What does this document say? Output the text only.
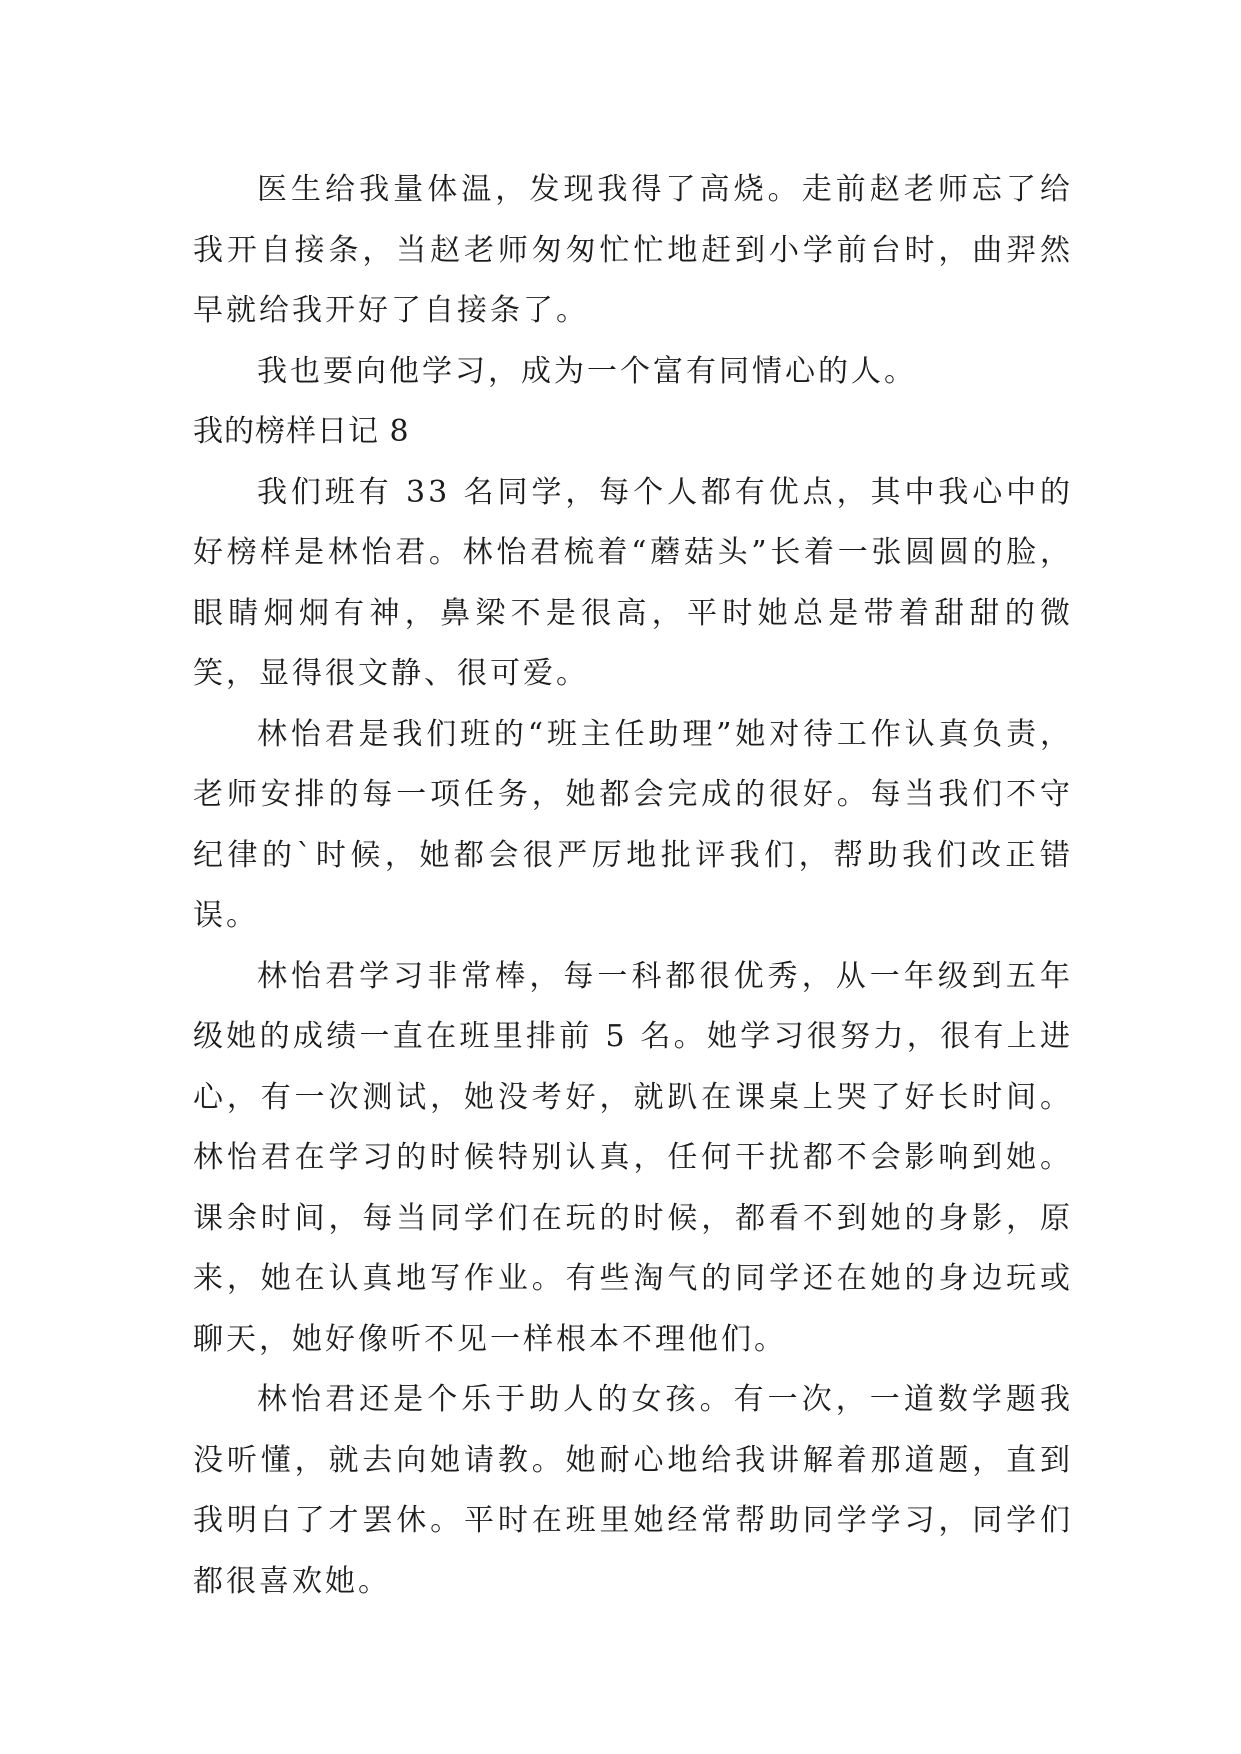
医生给我量体温，发现我得了高烧。走前赵老师忘了给我开自接条，当赵老师匆匆忙忙地赶到小学前台时，曲羿然早就给我开好了自接条了。

我也要向他学习，成为一个富有同情心的人。

我的榜样日记 8

我们班有 33 名同学，每个人都有优点，其中我心中的好榜样是林怡君。林怡君梳着“蘑菇头”长着一张圆圆的脸，眼睛炯炯有神，鼻梁不是很高，平时她总是带着甜甜的微笑，显得很文静、很可爱。

林怡君是我们班的“班主任助理”她对待工作认真负责，老师安排的每一项任务，她都会完成的很好。每当我们不守纪律的`时候，她都会很严厉地批评我们，帮助我们改正错误。

林怡君学习非常棒，每一科都很优秀，从一年级到五年级她的成绩一直在班里排前 5 名。她学习很努力，很有上进心，有一次测试，她没考好，就趴在课桌上哭了好长时间。林怡君在学习的时候特别认真，任何干扰都不会影响到她。课余时间，每当同学们在玩的时候，都看不到她的身影，原来，她在认真地写作业。有些淘气的同学还在她的身边玩或聊天，她好像听不见一样根本不理他们。

林怡君还是个乐于助人的女孩。有一次，一道数学题我没听懂，就去向她请教。她耐心地给我讲解着那道题，直到我明白了才罢休。平时在班里她经常帮助同学学习，同学们都很喜欢她。
